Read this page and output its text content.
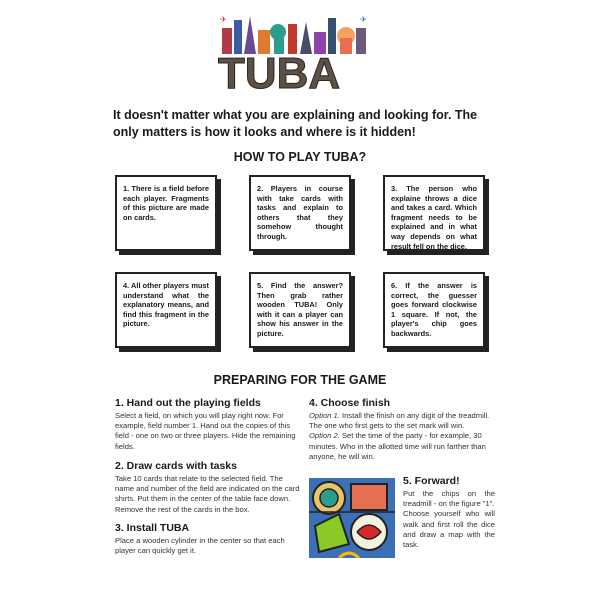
✈	✈
TUBA
It doesn't matter what you are explaining and looking for. The only matters is how it looks and where is it hidden!
HOW TO PLAY TUBA?
1. There is a field before each player. Fragments of this picture are made on cards.
2. Players in course with take cards with tasks and explain to others that they somehow thought through.
3. The person who explaine throws a dice and takes a card. Which fragment needs to be explained and in what way depends on what result fell on the dice.
4. All other players must understand what the explanatory means, and find this fragment in the picture.
5. Find the answer? Then grab rather wooden TUBA! Only with it can a player can show his answer in the picture.
6. If the answer is correct, the guesser goes forward clockwise 1 square. If not, the player's chip goes backwards.
PREPARING FOR THE GAME
1. Hand out the playing fields
Select a field, on which you will play right now. For example, field number 1. Hand out the copies of this field - one on two or three players. Hide the remaining fields.
2. Draw cards with tasks
Take 10 cards that relate to the selected field. The name and number of the field are indicated on the card shirts. Put them in the center of the table face down. Remove the rest of the cards in the box.
3. Install TUBA
Place a wooden cylinder in the center so that each player can quickly get it.
4. Choose finish
Option 1. Install the finish on any digit of the treadmill. The one who first gets to the set mark will win.
Option 2. Set the time of the party - for example, 30 minutes. Who in the allotted time will run farther than anyone, he will win.
5. Forward!
Put the chips on the treadmill - on the figure "1".
Choose yourself who will walk and first roll the dice and draw a map with the task.
